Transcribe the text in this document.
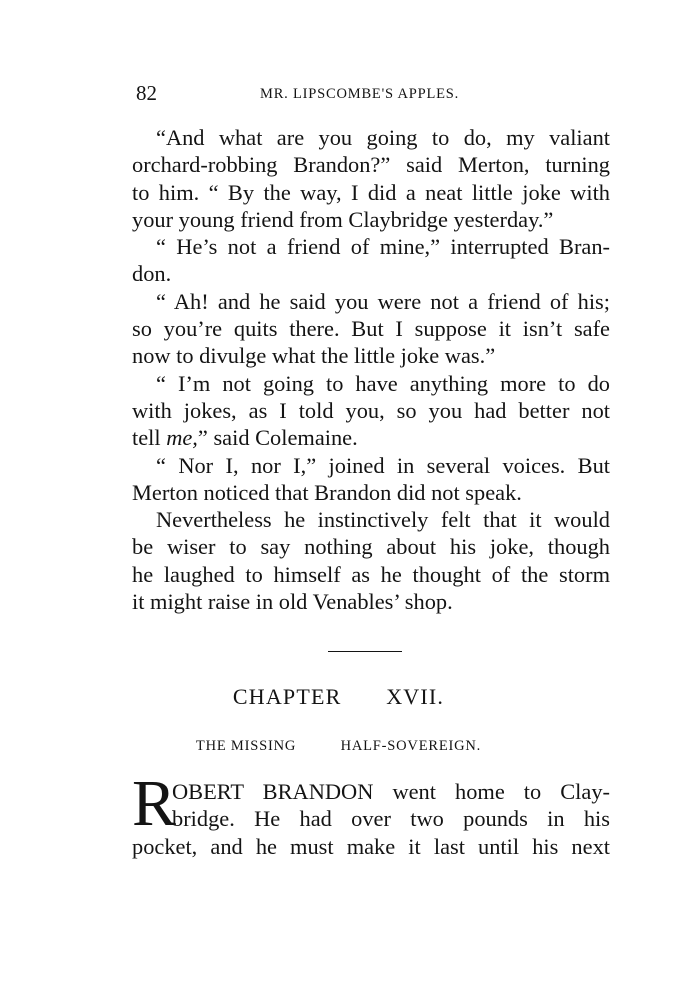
82	MR. LIPSCOMBE'S APPLES.

“And what are you going to do, my valiant
orchard-robbing Brandon?” said Merton, turning
to him. “ By the way, I did a neat little joke with
your young friend from Claybridge yesterday.”

“ He’s not a friend of mine,” interrupted Bran-
don.

“ Ah! and he said you were not a friend of his;
so you’re quits there. But I suppose it isn’t safe
now to divulge what the little joke was.”

“ I’m not going to have anything more to do
with jokes, as I told you, so you had better not
tell me,” said Colemaine.

“ Nor I, nor I,” joined in several voices. But
Merton noticed that Brandon did not speak.

Nevertheless he instinctively felt that it would
be wiser to say nothing about his joke, though
he laughed to himself as he thought of the storm
it might raise in old Venables’ shop.

CHAPTER XVII.
THE MISSING	HALF-SOVEREIGN.
R
OBERT BRANDON went home to Clay-
bridge. He had over two pounds in his
pocket, and he must make it last until his next
